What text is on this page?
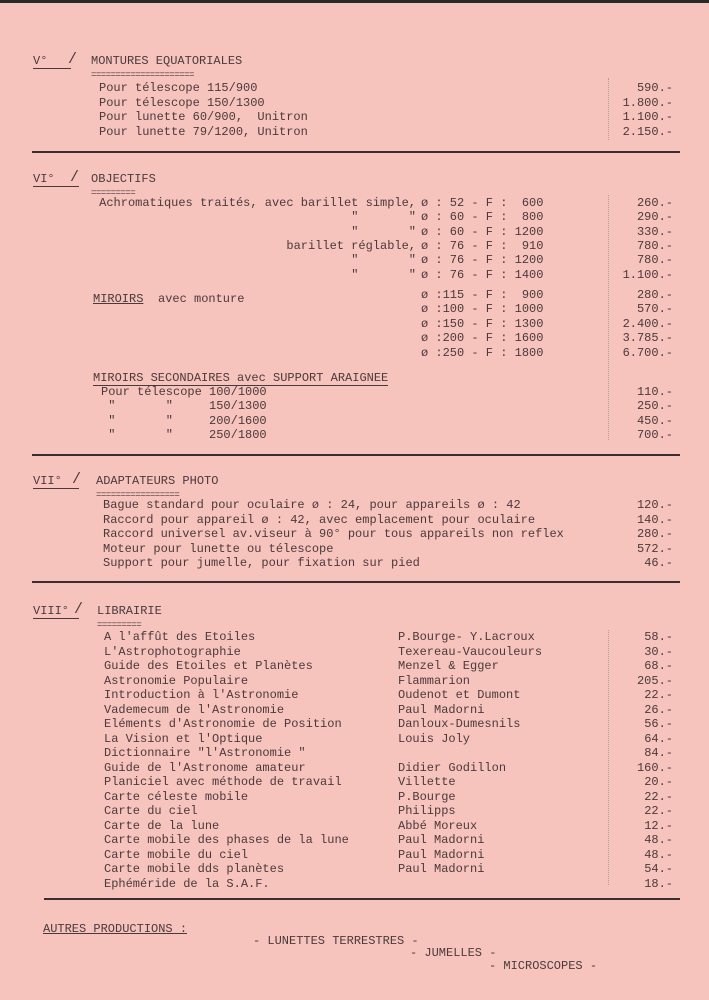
V°	/ MONTURES EQUATORIALES
=====================
Pour télescope 115/900	590.-
Pour télescope 150/1300	1.800.-
Pour lunette 60/900,  Unitron	1.100.-
Pour lunette 79/1200, Unitron	2.150.-
VI°	/ OBJECTIFS
=========
Achromatiques traités, avec barillet simple, ø : 52 - F :  600	260.-
"       " ø : 60 - F :  800	290.-
"       " ø : 60 - F : 1200	330.-
barillet réglable, ø : 76 - F :  910	780.-
"       " ø : 76 - F : 1200	780.-
"       " ø : 76 - F : 1400	1.100.-
MIROIRS avec monture	ø :115 - F :  900	280.-
ø :100 - F : 1000	570.-
ø :150 - F : 1300	2.400.-
ø :200 - F : 1600	3.785.-
ø :250 - F : 1800	6.700.-
MIROIRS SECONDAIRES avec SUPPORT ARAIGNEE
Pour télescope 100/1000	110.-
"       "     150/1300	250.-
"       "     200/1600	450.-
"       "     250/1800	700.-
VII° / ADAPTATEURS PHOTO
=================
Bague standard pour oculaire ø : 24, pour appareils ø : 42	120.-
Raccord pour appareil ø : 42, avec emplacement pour oculaire	140.-
Raccord universel av.viseur à 90° pour tous appareils non reflex	280.-
Moteur pour lunette ou télescope	572.-
Support pour jumelle, pour fixation sur pied	46.-
VIII° / LIBRAIRIE
=========
A l'affût des Etoiles	P.Bourge- Y.Lacroux	58.-
L'Astrophotographie	Texereau-Vaucouleurs	30.-
Guide des Etoiles et Planètes	Menzel & Egger	68.-
Astronomie Populaire	Flammarion	205.-
Introduction à l'Astronomie	Oudenot et Dumont	22.-
Vademecum de l'Astronomie	Paul Madorni	26.-
Eléments d'Astronomie de Position	Danloux-Dumesnils	56.-
La Vision et l'Optique	Louis Joly	64.-
Dictionnaire "l'Astronomie "	84.-
Guide de l'Astronome amateur	Didier Godillon	160.-
Planiciel avec méthode de travail	Villette	20.-
Carte céleste mobile	P.Bourge	22.-
Carte du ciel	Philipps	22.-
Carte de la lune	Abbé Moreux	12.-
Carte mobile des phases de la lune	Paul Madorni	48.-
Carte mobile du ciel	Paul Madorni	48.-
Carte mobile dds planètes	Paul Madorni	54.-
Ephéméride de la S.A.F.	18.-
AUTRES PRODUCTIONS :
- LUNETTES TERRESTRES -
- JUMELLES -
- MICROSCOPES -
